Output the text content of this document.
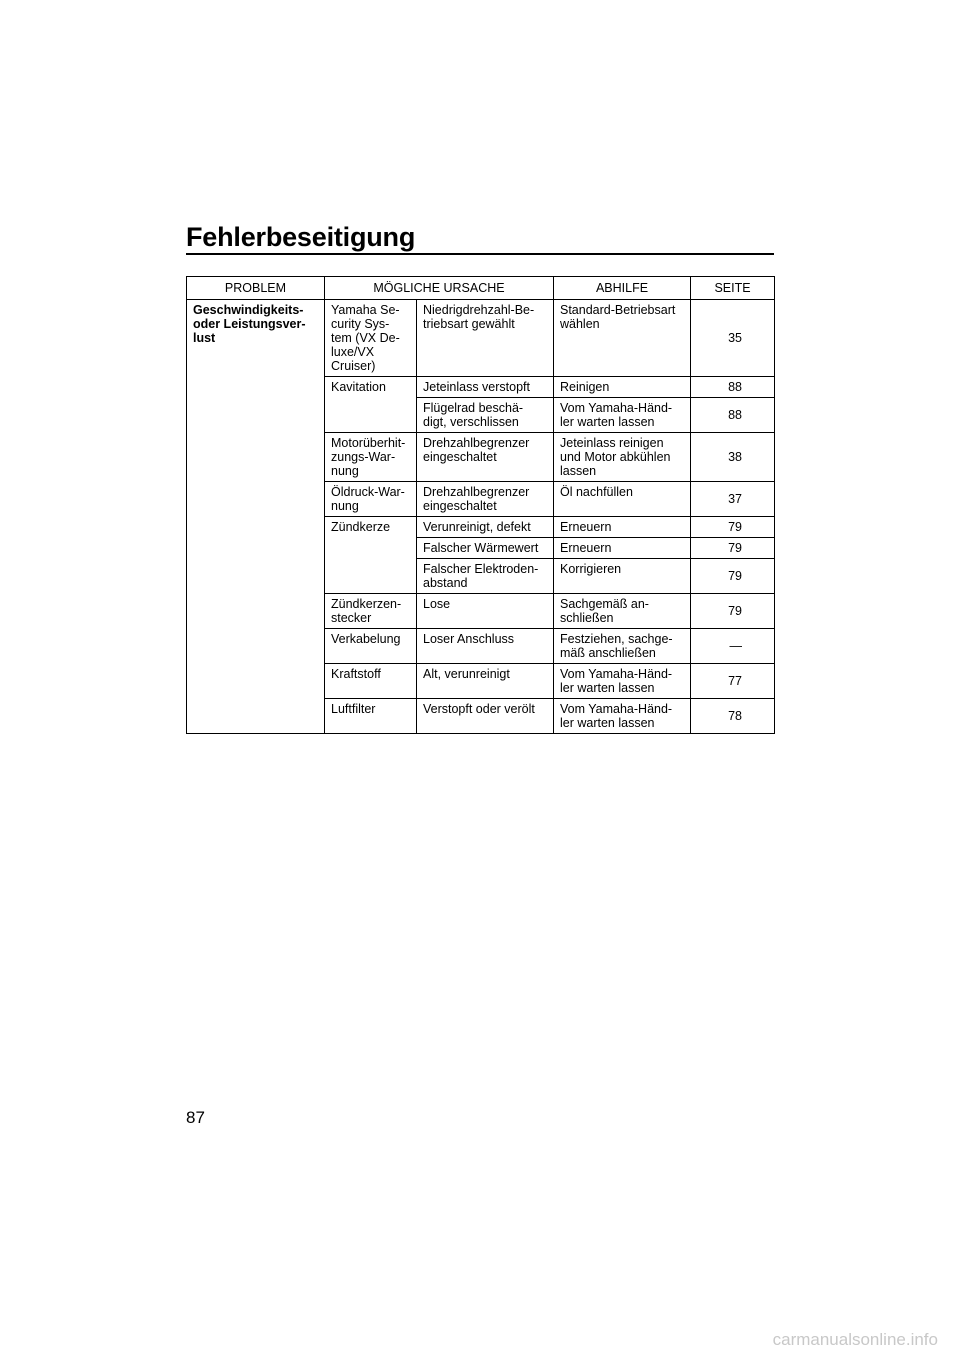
Fehlerbeseitigung
PROBLEM	MÖGLICHE URSACHE		ABHILFE	SEITE
Geschwindigkeits-
oder Leistungsver-
lust	Yamaha Se-
curity Sys-
tem (VX De-
luxe/VX
Cruiser)	Niedrigdrehzahl-Be-
triebsart gewählt	Standard-Betriebsart
wählen	35
	Kavitation	Jeteinlass verstopft	Reinigen	88
		Flügelrad beschä-
digt, verschlissen	Vom Yamaha-Händ-
ler warten lassen	88
	Motorüberhit-
zungs-War-
nung	Drehzahlbegrenzer
eingeschaltet	Jeteinlass reinigen
und Motor abkühlen
lassen	38
	Öldruck-War-
nung	Drehzahlbegrenzer
eingeschaltet	Öl nachfüllen	37
	Zündkerze	Verunreinigt, defekt	Erneuern	79
		Falscher Wärmewert	Erneuern	79
		Falscher Elektroden-
abstand	Korrigieren	79
	Zündkerzen-
stecker	Lose	Sachgemäß an-
schließen	79
	Verkabelung	Loser Anschluss	Festziehen, sachge-
mäß anschließen	—
	Kraftstoff	Alt, verunreinigt	Vom Yamaha-Händ-
ler warten lassen	77
	Luftfilter	Verstopft oder verölt	Vom Yamaha-Händ-
ler warten lassen	78
87
carmanualsonline.info
